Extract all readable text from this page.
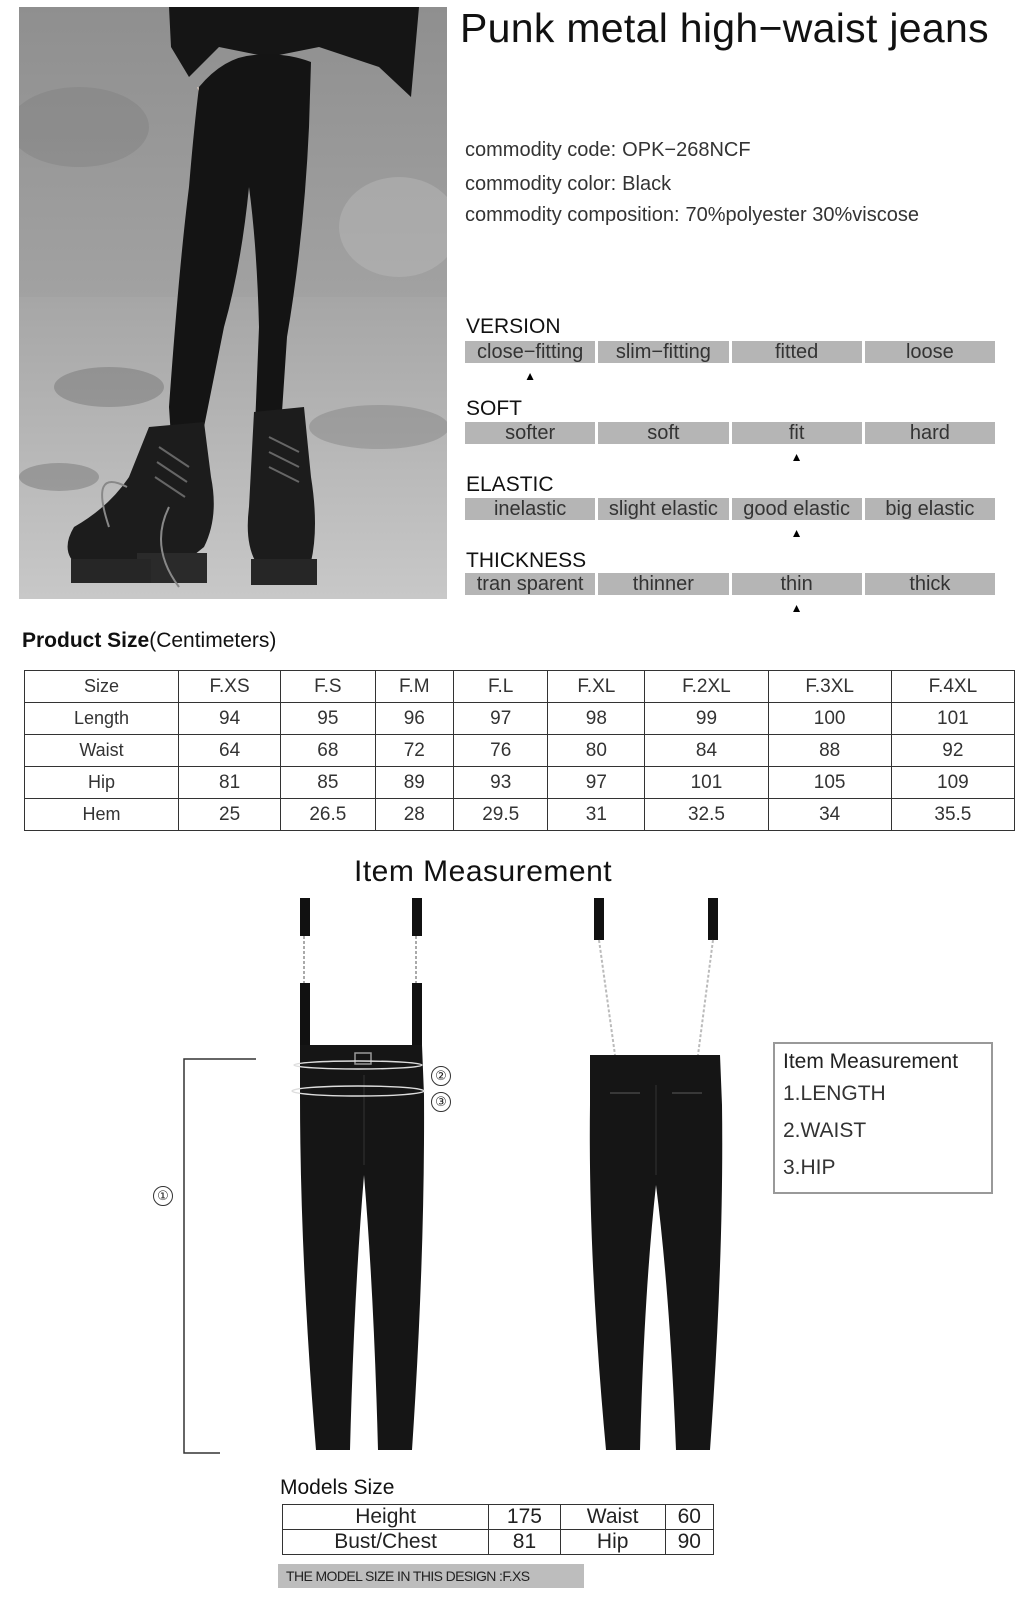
Punk metal high−waist jeans
commodity code: OPK−268NCF
commodity color: Black
commodity composition: 70%polyester 30%viscose
VERSION
close−fitting
▲
slim−fitting	fitted	loose
SOFT
softer	soft	fit
▲
hard
ELASTIC
inelastic	slight elastic	good elastic
▲
big elastic
THICKNESS
tran sparent	thinner	thin
▲
thick
Product Size(Centimeters)
Size	F.XS	F.S	F.M	F.L	F.XL	F.2XL	F.3XL	F.4XL
Length	94	95	96	97	98	99	100	101
Waist	64	68	72	76	80	84	88	92
Hip	81	85	89	93	97	101	105	109
Hem	25	26.5	28	29.5	31	32.5	34	35.5
Item Measurement
②
③
①
Item Measurement
1.LENGTH
2.WAIST
3.HIP
Models Size
Height	175	Waist	60
Bust/Chest	81	Hip	90
THE MODEL SIZE IN THIS DESIGN :F.XS
